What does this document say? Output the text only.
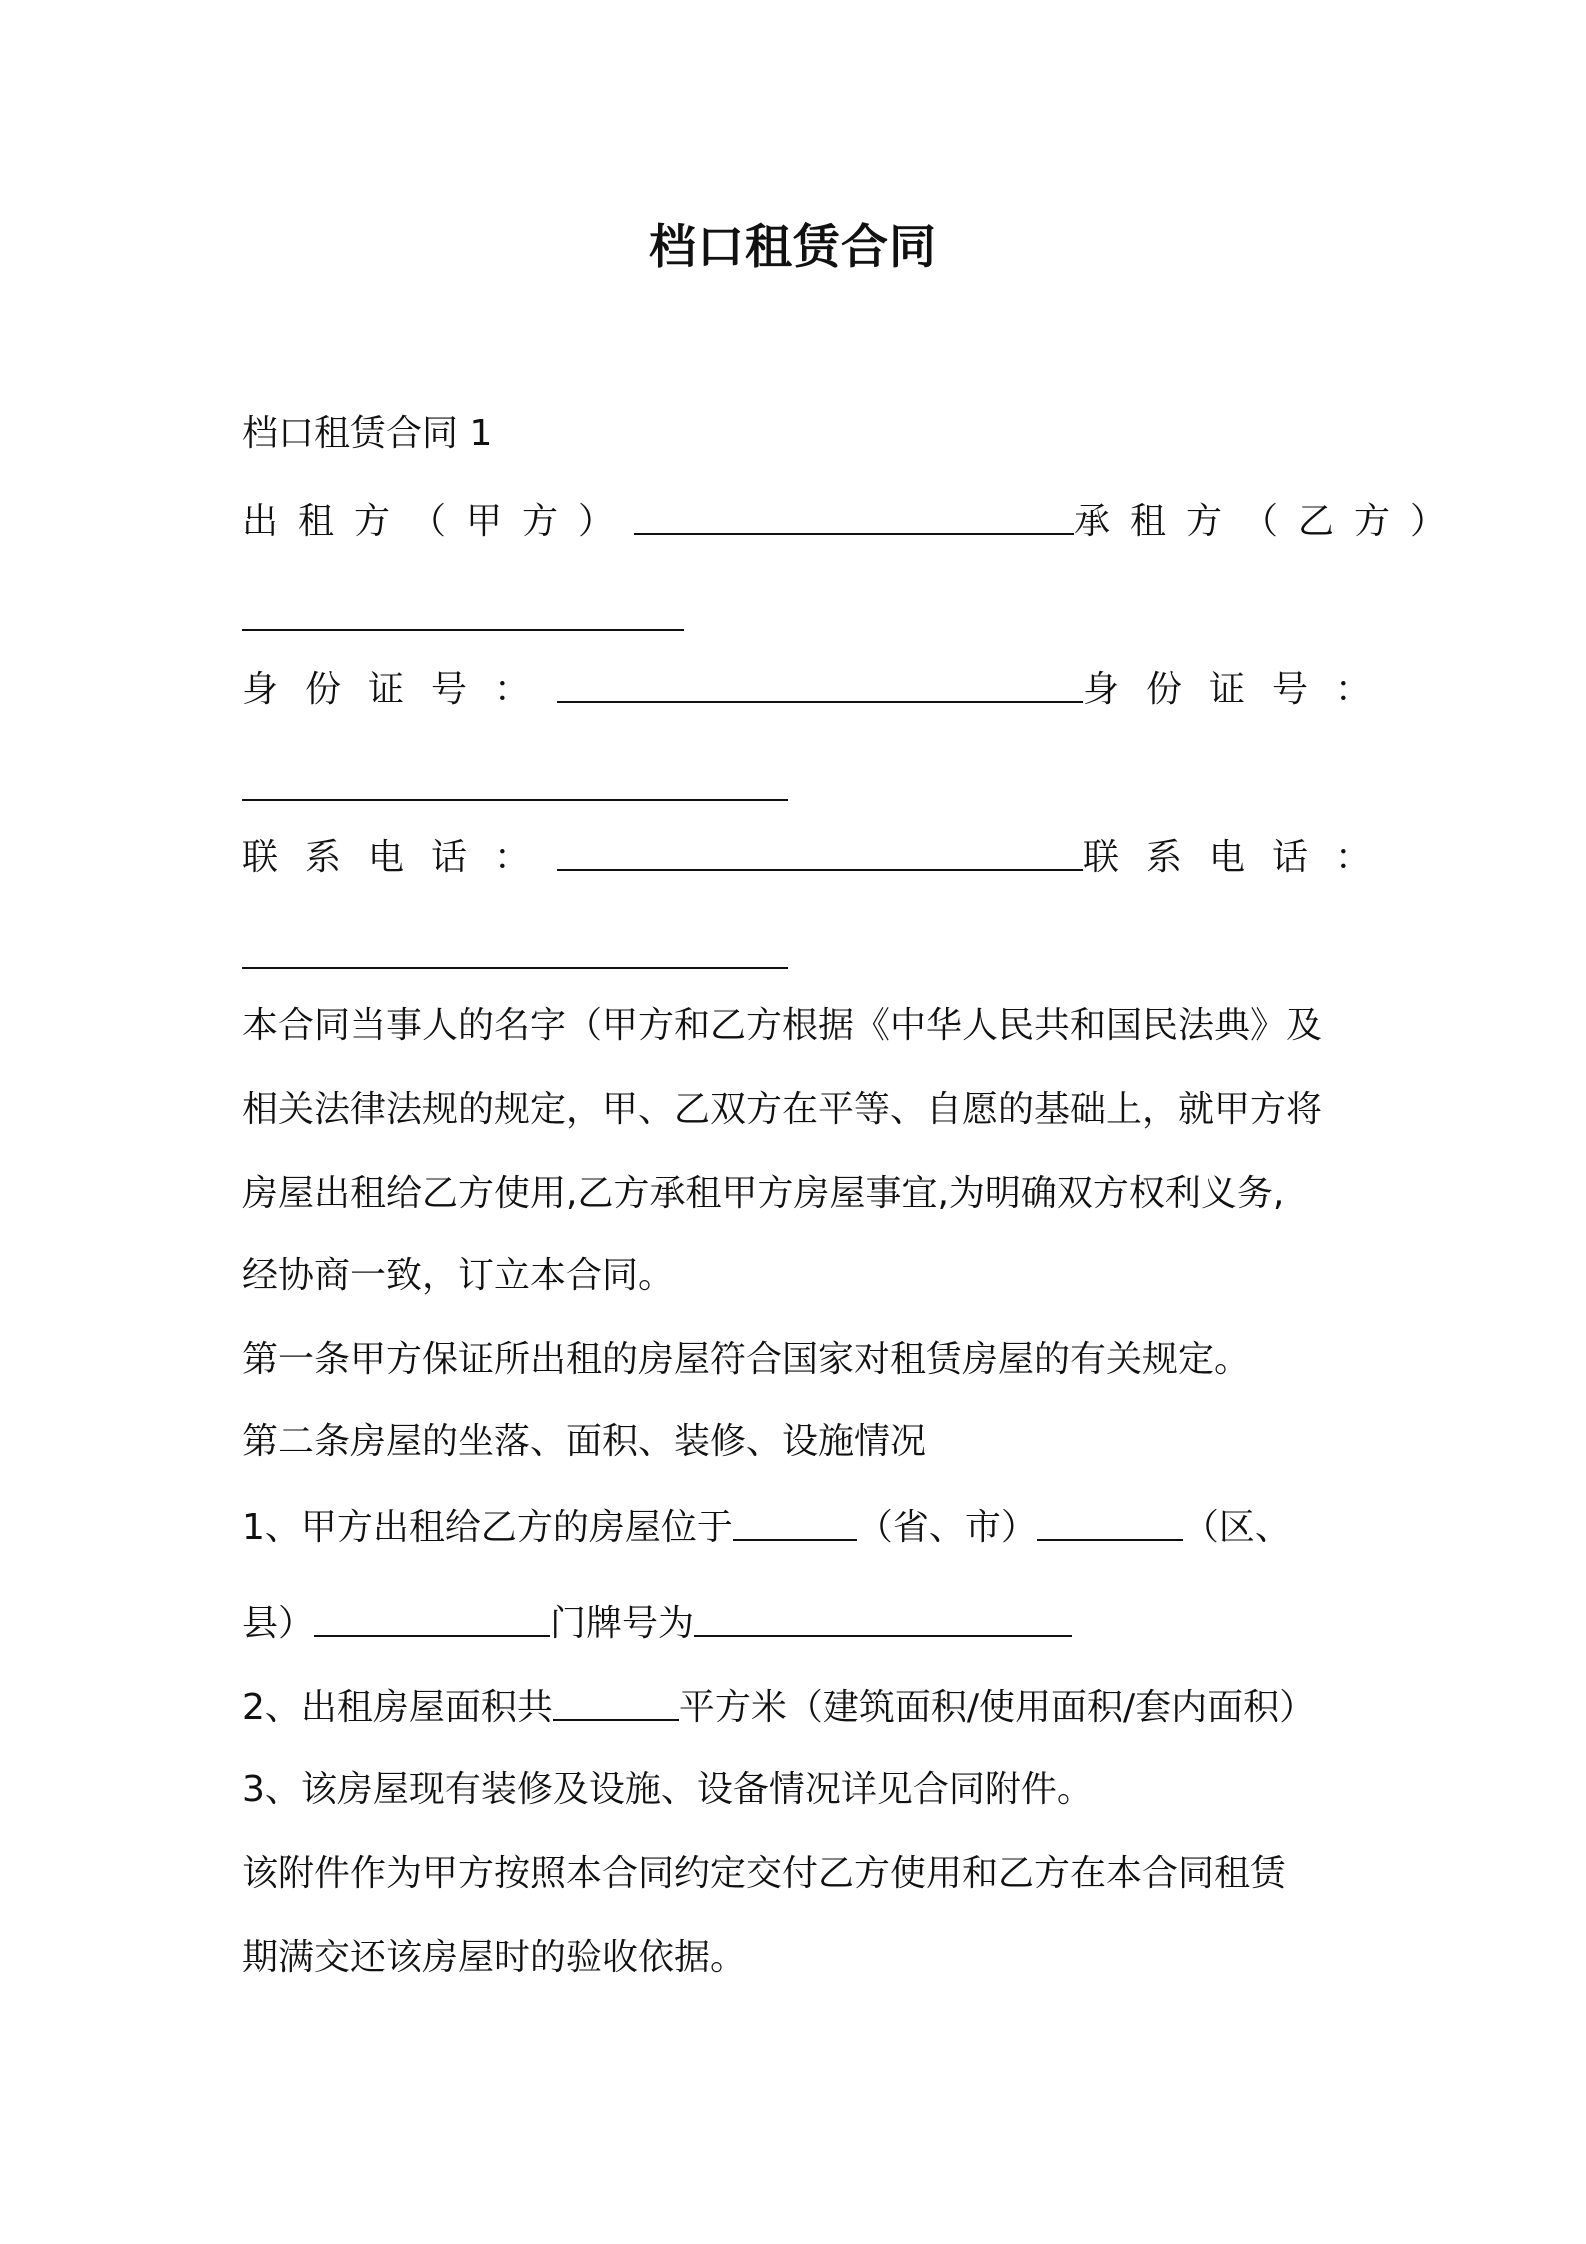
档口租赁合同
档口租赁合同 1
出租方（甲方）	承租方（乙方）
身份证号：	身份证号：
联系电话：	联系电话：
本合同当事人的名字（甲方和乙方根据《中华人民共和国民法典》及
相关法律法规的规定，甲、乙双方在平等、自愿的基础上，就甲方将
房屋出租给乙方使用,乙方承租甲方房屋事宜,为明确双方权利义务,
经协商一致，订立本合同。
第一条甲方保证所出租的房屋符合国家对租赁房屋的有关规定。
第二条房屋的坐落、面积、装修、设施情况
1、甲方出租给乙方的房屋位于	（省、市）	（区、
县）	门牌号为
2、出租房屋面积共	平方米（建筑面积/使用面积/套内面积）
3、该房屋现有装修及设施、设备情况详见合同附件。
该附件作为甲方按照本合同约定交付乙方使用和乙方在本合同租赁
期满交还该房屋时的验收依据。
